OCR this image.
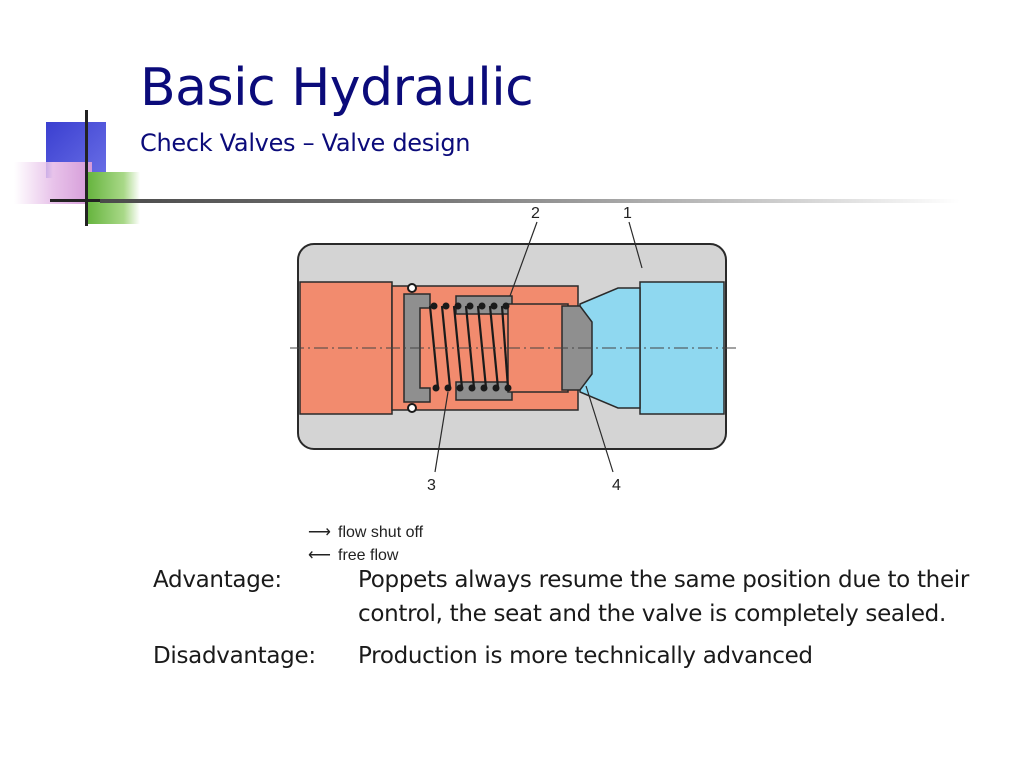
Basic Hydraulic
Check Valves – Valve design
2	1
3	4
⟶ flow shut off
⟵ free flow
Advantage:	Poppets always resume the same position due to their control, the seat and the valve is completely sealed.
Disadvantage:	Production is more technically advanced
